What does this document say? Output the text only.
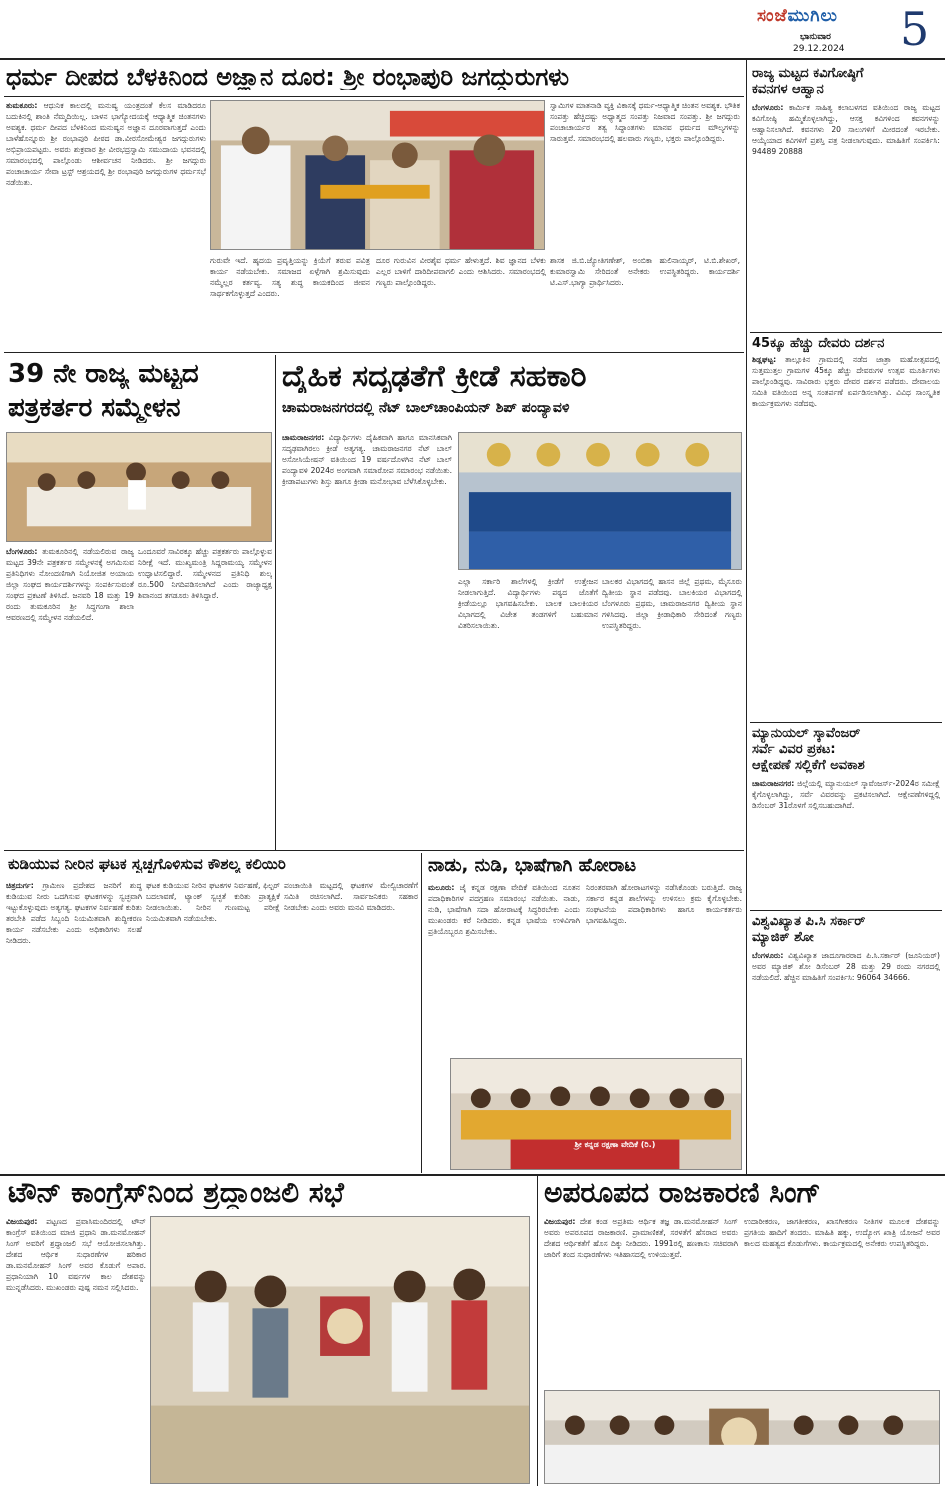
ಸಂಜೆಮುಗಿಲು
ಭಾನುವಾರ
29.12.2024 5
ಧರ್ಮ ದೀಪದ ಬೆಳಕಿನಿಂದ ಅಜ್ಞಾನ ದೂರ: ಶ್ರೀ ರಂಭಾಪುರಿ ಜಗದ್ಗುರುಗಳು
ತುಮಕೂರು: ಆಧುನಿಕ ಕಾಲದಲ್ಲಿ ಮನುಷ್ಯ ಯಂತ್ರದಂತೆ ಕೆಲಸ ಮಾಡಿದರೂ ಬದುಕಿನಲ್ಲಿ ಶಾಂತಿ ನೆಮ್ಮದಿಯಿಲ್ಲ. ಬಾಳನ ಭಾಗ್ಯೋದಯಕ್ಕೆ ಆಧ್ಯಾತ್ಮಿಕ ಚಿಂತನಗಳು ಅವಶ್ಯಕ. ಧರ್ಮ ದೀಪದ ಬೆಳಕಿನಿಂದ ಮನುಷ್ಯನ ಅಜ್ಞಾನ ದೂರವಾಗುತ್ತದೆ ಎಂದು ಬಾಳೆಹೊನ್ನೂರು ಶ್ರೀ ರಂಭಾಪುರಿ ಪೀಠದ ಡಾ.ವೀರಸೋಮೇಶ್ವರ ಜಗದ್ಗುರುಗಳು ಅಭಿಪ್ರಾಯಪಟ್ಟರು. ಅವರು ಶುಕ್ರವಾರ ಶ್ರೀ ವೀರಭದ್ರಸ್ವಾಮಿ ಸಮುದಾಯ ಭವನದಲ್ಲಿ ಸಮಾರಂಭದಲ್ಲಿ ಪಾಲ್ಗೊಂಡು ಆಶೀರ್ವಚನ ನೀಡಿದರು. ಶ್ರೀ ಜಗದ್ಗುರು ಪಂಚಾಚಾರ್ಯ ಸೇವಾ ಟ್ರಸ್ಟ್ ಆಶ್ರಯದಲ್ಲಿ ಶ್ರೀ ರಂಭಾಪುರಿ ಜಗದ್ಗುರುಗಳ ಧರ್ಮಸಭೆ ನಡೆಯಿತು.
ಗುರುವೇ ಇದೆ. ಹೃದಯ ಪ್ರವೃತ್ತಿಯನ್ನು ಕ್ರಿಯೆಗೆ ತರುವ ಪವಿತ್ರ ಕಾರ್ಯ ನಡೆಯಬೇಕು. ಸಮಾಜದ ಏಳ್ಗೆಗಾಗಿ ಶ್ರಮಿಸುವುದು ನಮ್ಮೆಲ್ಲರ ಕರ್ತವ್ಯ. ಸತ್ಯ ಶುದ್ಧ ಕಾಯಕದಿಂದ ಜೀವನ ಸಾರ್ಥಕಗೊಳ್ಳುತ್ತದೆ ಎಂದರು.
ದೂರ ಗುರುವಿನ ವೀರಶೈವ ಧರ್ಮ ಹೇಳುತ್ತದೆ. ಶಿವ ಜ್ಞಾನದ ಬೆಳಕು ಎಲ್ಲರ ಬಾಳಿಗೆ ದಾರಿದೀಪವಾಗಲಿ ಎಂದು ಆಶಿಸಿದರು. ಸಮಾರಂಭದಲ್ಲಿ ಗಣ್ಯರು ಪಾಲ್ಗೊಂಡಿದ್ದರು.
ಸ್ವಾಮಿಗಳ ಮಾತನಾಡಿ ವ್ಯಕ್ತಿ ವಿಕಾಸಕ್ಕೆ ಧರ್ಮ-ಆಧ್ಯಾತ್ಮಿಕ ಚಿಂತನ ಅವಶ್ಯಕ. ಭೌತಿಕ ಸಂಪತ್ತು ಹೆಚ್ಚಿದಷ್ಟು ಅಧ್ಯಾತ್ಮದ ಸಂಪತ್ತು ನಿಜವಾದ ಸಂಪತ್ತು. ಶ್ರೀ ಜಗದ್ಗುರು ಪಂಚಾಚಾರ್ಯರ ತತ್ವ ಸಿದ್ಧಾಂತಗಳು ಮಾನವ ಧರ್ಮದ ಮೌಲ್ಯಗಳನ್ನು ಸಾರುತ್ತವೆ. ಸಮಾರಂಭದಲ್ಲಿ ಹಲವಾರು ಗಣ್ಯರು, ಭಕ್ತರು ಪಾಲ್ಗೊಂಡಿದ್ದರು.
ಶಾಸಕ ಜಿ.ಬಿ.ಜ್ಯೋತಿಗಣೇಶ್, ಅಂಬಿಕಾ ಹುಲಿನಾಯ್ಕರ್, ಟಿ.ಬಿ.ಶೇಖರ್, ಕುಮಾರಸ್ವಾಮಿ ಸೇರಿದಂತೆ ಅನೇಕರು ಉಪಸ್ಥಿತರಿದ್ದರು. ಕಾರ್ಯದರ್ಶಿ ಟಿ.ಎಸ್.ಭಾಗ್ಯಾ ಪ್ರಾರ್ಥಿಸಿದರು.
39 ನೇ ರಾಜ್ಯ ಮಟ್ಟದ
ಪತ್ರಕರ್ತರ ಸಮ್ಮೇಳನ
ಬೆಂಗಳೂರು: ತುಮಕೂರಿನಲ್ಲಿ ನಡೆಯಲಿರುವ ರಾಜ್ಯ ಮಟ್ಟದ 39ನೇ ಪತ್ರಕರ್ತರ ಸಮ್ಮೇಳನಕ್ಕೆ ಅಗಮಿಸುವ ಪ್ರತಿನಿಧಿಗಳು ನೋಂದಣಿಗಾಗಿ ನಿಯೋಜಿತ ಅಯಾಯ ಜಿಲ್ಲಾ ಸಂಘದ ಕಾರ್ಯದರ್ಶಿಗಳನ್ನು ಸಂಪರ್ಕಿಸುವಂತೆ ಸಂಘದ ಪ್ರಕಟಣೆ ತಿಳಿಸಿದೆ. ಜನವರಿ 18 ಮತ್ತು 19 ರಂದು ತುಮಕೂರಿನ ಶ್ರೀ ಸಿದ್ಧಗಂಗಾ ಶಾಲಾ ಆವರಣದಲ್ಲಿ ಸಮ್ಮೇಳನ ನಡೆಯಲಿದೆ.
ಒಂದೂವರೆ ಸಾವಿರಕ್ಕೂ ಹೆಚ್ಚು ಪತ್ರಕರ್ತರು ಪಾಲ್ಗೊಳ್ಳುವ ನಿರೀಕ್ಷೆ ಇದೆ. ಮುಖ್ಯಮಂತ್ರಿ ಸಿದ್ದರಾಮಯ್ಯ ಸಮ್ಮೇಳನ ಉದ್ಘಾಟಿಸಲಿದ್ದಾರೆ. ಸಮ್ಮೇಳನದ ಪ್ರತಿನಿಧಿ ಶುಲ್ಕ ರೂ.500 ನಿಗದಿಪಡಿಸಲಾಗಿದೆ ಎಂದು ರಾಜ್ಯಾಧ್ಯಕ್ಷ ಶಿವಾನಂದ ತಗಡೂರು ತಿಳಿಸಿದ್ದಾರೆ.
ದೈಹಿಕ ಸದೃಢತೆಗೆ ಕ್ರೀಡೆ ಸಹಕಾರಿ
ಚಾಮರಾಜನಗರದಲ್ಲಿ ನೆಟ್ ಬಾಲ್‌ಚಾಂಪಿಯನ್ ಶಿಪ್ ಪಂದ್ಯಾವಳಿ
ಚಾಮರಾಜನಗರ: ವಿದ್ಯಾರ್ಥಿಗಳು ದೈಹಿಕವಾಗಿ ಹಾಗೂ ಮಾನಸಿಕವಾಗಿ ಸದೃಢವಾಗಿರಲು ಕ್ರೀಡೆ ಅತ್ಯಗತ್ಯ. ಚಾಮರಾಜನಗರ ನೆಟ್ ಬಾಲ್ ಅಸೋಸಿಯೇಷನ್ ವತಿಯಿಂದ 19 ವರ್ಷದೊಳಗಿನ ನೆಟ್ ಬಾಲ್ ಪಂದ್ಯಾವಳಿ 2024ರ ಅಂಗವಾಗಿ ಸಮಾರೋಪ ಸಮಾರಂಭ ನಡೆಯಿತು. ಕ್ರೀಡಾಪಟುಗಳು ಶಿಸ್ತು ಹಾಗೂ ಕ್ರೀಡಾ ಮನೋಭಾವ ಬೆಳೆಸಿಕೊಳ್ಳಬೇಕು.
ಎಲ್ಲಾ ಸರ್ಕಾರಿ ಶಾಲೆಗಳಲ್ಲಿ ಕ್ರೀಡೆಗೆ ಉತ್ತೇಜನ ನೀಡಲಾಗುತ್ತಿದೆ. ವಿದ್ಯಾರ್ಥಿಗಳು ಪಠ್ಯದ ಜೊತೆಗೆ ಕ್ರೀಡೆಯಲ್ಲೂ ಭಾಗವಹಿಸಬೇಕು. ಬಾಲಕ ಬಾಲಕಿಯರ ವಿಭಾಗದಲ್ಲಿ ವಿಜೇತ ತಂಡಗಳಿಗೆ ಬಹುಮಾನ ವಿತರಿಸಲಾಯಿತು.
ಬಾಲಕರ ವಿಭಾಗದಲ್ಲಿ ಹಾಸನ ಜಿಲ್ಲೆ ಪ್ರಥಮ, ಮೈಸೂರು ದ್ವಿತೀಯ ಸ್ಥಾನ ಪಡೆದವು. ಬಾಲಕಿಯರ ವಿಭಾಗದಲ್ಲಿ ಬೆಂಗಳೂರು ಪ್ರಥಮ, ಚಾಮರಾಜನಗರ ದ್ವಿತೀಯ ಸ್ಥಾನ ಗಳಿಸಿದವು. ಜಿಲ್ಲಾ ಕ್ರೀಡಾಧಿಕಾರಿ ಸೇರಿದಂತೆ ಗಣ್ಯರು ಉಪಸ್ಥಿತರಿದ್ದರು.
ಕುಡಿಯುವ ನೀರಿನ ಘಟಕ ಸ್ವಚ್ಛಗೊಳಿಸುವ ಕೌಶಲ್ಯ ಕಲಿಯಿರಿ
ಚಿತ್ರದುರ್ಗ: ಗ್ರಾಮೀಣ ಪ್ರದೇಶದ ಜನರಿಗೆ ಶುದ್ಧ ಕುಡಿಯುವ ನೀರು ಒದಗಿಸುವ ಘಟಕಗಳನ್ನು ಸ್ವಚ್ಛವಾಗಿ ಇಟ್ಟುಕೊಳ್ಳುವುದು ಅತ್ಯಗತ್ಯ. ಘಟಕಗಳ ನಿರ್ವಹಣೆ ಕುರಿತು ತರಬೇತಿ ಪಡೆದ ಸಿಬ್ಬಂದಿ ನಿಯಮಿತವಾಗಿ ಶುದ್ಧೀಕರಣ ಕಾರ್ಯ ನಡೆಸಬೇಕು ಎಂದು ಅಧಿಕಾರಿಗಳು ಸಲಹೆ ನೀಡಿದರು.
ಘಟಕ ಕುಡಿಯುವ ನೀರಿನ ಘಟಕಗಳ ನಿರ್ವಹಣೆ, ಫಿಲ್ಟರ್ ಬದಲಾವಣೆ, ಟ್ಯಾಂಕ್ ಸ್ವಚ್ಛತೆ ಕುರಿತು ಪ್ರಾತ್ಯಕ್ಷಿಕೆ ನೀಡಲಾಯಿತು. ನೀರಿನ ಗುಣಮಟ್ಟ ಪರೀಕ್ಷೆ ನಿಯಮಿತವಾಗಿ ನಡೆಯಬೇಕು.
ಪಂಚಾಯಿತಿ ಮಟ್ಟದಲ್ಲಿ ಘಟಕಗಳ ಮೇಲ್ವಿಚಾರಣೆಗೆ ಸಮಿತಿ ರಚಿಸಲಾಗಿದೆ. ಸಾರ್ವಜನಿಕರು ಸಹಕಾರ ನೀಡಬೇಕು ಎಂದು ಅವರು ಮನವಿ ಮಾಡಿದರು.
ನಾಡು, ನುಡಿ, ಭಾಷೆಗಾಗಿ ಹೋರಾಟ
ಮಲೂರು: ಜೈ ಕನ್ನಡ ರಕ್ಷಣಾ ವೇದಿಕೆ ವತಿಯಿಂದ ನೂತನ ಪದಾಧಿಕಾರಿಗಳ ಪದಗ್ರಹಣ ಸಮಾರಂಭ ನಡೆಯಿತು. ನಾಡು, ನುಡಿ, ಭಾಷೆಗಾಗಿ ಸದಾ ಹೋರಾಟಕ್ಕೆ ಸಿದ್ಧರಿರಬೇಕು ಎಂದು ಮುಖಂಡರು ಕರೆ ನೀಡಿದರು. ಕನ್ನಡ ಭಾಷೆಯ ಉಳಿವಿಗಾಗಿ ಪ್ರತಿಯೊಬ್ಬರೂ ಶ್ರಮಿಸಬೇಕು.
ನಿರಂತರವಾಗಿ ಹೋರಾಟಗಳನ್ನು ನಡೆಸಿಕೊಂಡು ಬರುತ್ತಿದೆ. ರಾಜ್ಯ ಸರ್ಕಾರ ಕನ್ನಡ ಶಾಲೆಗಳನ್ನು ಉಳಿಸಲು ಕ್ರಮ ಕೈಗೊಳ್ಳಬೇಕು. ಸಂಘಟನೆಯ ಪದಾಧಿಕಾರಿಗಳು ಹಾಗೂ ಕಾರ್ಯಕರ್ತರು ಭಾಗವಹಿಸಿದ್ದರು.
ಶ್ರೀ ಕನ್ನಡ ರಕ್ಷಣಾ ವೇದಿಕೆ (ರಿ.)
ಟೌನ್ ಕಾಂಗ್ರೆಸ್‌ನಿಂದ ಶ್ರದ್ಧಾಂಜಲಿ ಸಭೆ
ವಿಜಯಪುರ: ಪಟ್ಟಣದ ಪ್ರವಾಸಿಮಂದಿರದಲ್ಲಿ ಟೌನ್ ಕಾಂಗ್ರೆಸ್ ವತಿಯಿಂದ ಮಾಜಿ ಪ್ರಧಾನಿ ಡಾ.ಮನಮೋಹನ್ ಸಿಂಗ್ ಅವರಿಗೆ ಶ್ರದ್ಧಾಂಜಲಿ ಸಭೆ ಆಯೋಜಿಸಲಾಗಿತ್ತು. ದೇಶದ ಆರ್ಥಿಕ ಸುಧಾರಣೆಗಳ ಹರಿಕಾರ ಡಾ.ಮನಮೋಹನ್ ಸಿಂಗ್ ಅವರ ಕೊಡುಗೆ ಅಪಾರ. ಪ್ರಧಾನಿಯಾಗಿ 10 ವರ್ಷಗಳ ಕಾಲ ದೇಶವನ್ನು ಮುನ್ನಡೆಸಿದರು. ಮುಖಂಡರು ಪುಷ್ಪ ನಮನ ಸಲ್ಲಿಸಿದರು.
ಅಪರೂಪದ ರಾಜಕಾರಣಿ ಸಿಂಗ್
ವಿಜಯಪುರ: ದೇಶ ಕಂಡ ಅಪ್ರತಿಮ ಆರ್ಥಿಕ ತಜ್ಞ ಡಾ.ಮನಮೋಹನ್ ಸಿಂಗ್ ಅವರು ಅಪರೂಪದ ರಾಜಕಾರಣಿ. ಪ್ರಾಮಾಣಿಕತೆ, ಸರಳತೆಗೆ ಹೆಸರಾದ ಅವರು ದೇಶದ ಆರ್ಥಿಕತೆಗೆ ಹೊಸ ದಿಕ್ಕು ನೀಡಿದರು. 1991ರಲ್ಲಿ ಹಣಕಾಸು ಸಚಿವರಾಗಿ ಜಾರಿಗೆ ತಂದ ಸುಧಾರಣೆಗಳು ಇತಿಹಾಸದಲ್ಲಿ ಉಳಿಯುತ್ತವೆ.
ಉದಾರೀಕರಣ, ಜಾಗತೀಕರಣ, ಖಾಸಗೀಕರಣ ನೀತಿಗಳ ಮೂಲಕ ದೇಶವನ್ನು ಪ್ರಗತಿಯ ಹಾದಿಗೆ ತಂದರು. ಮಾಹಿತಿ ಹಕ್ಕು, ಉದ್ಯೋಗ ಖಾತ್ರಿ ಯೋಜನೆ ಅವರ ಕಾಲದ ಮಹತ್ವದ ಕೊಡುಗೆಗಳು. ಕಾರ್ಯಕ್ರಮದಲ್ಲಿ ಅನೇಕರು ಉಪಸ್ಥಿತರಿದ್ದರು.
ರಾಜ್ಯ ಮಟ್ಟದ ಕವಿಗೋಷ್ಠಿಗೆ
ಕವನಗಳ ಆಹ್ವಾನ
ಬೆಂಗಳೂರು: ಕಾರ್ಮಿಕ ಸಾಹಿತ್ಯ ಕಲಾಬಳಗದ ವತಿಯಿಂದ ರಾಜ್ಯ ಮಟ್ಟದ ಕವಿಗೋಷ್ಠಿ ಹಮ್ಮಿಕೊಳ್ಳಲಾಗಿದ್ದು, ಆಸಕ್ತ ಕವಿಗಳಿಂದ ಕವನಗಳನ್ನು ಆಹ್ವಾನಿಸಲಾಗಿದೆ. ಕವನಗಳು 20 ಸಾಲುಗಳಿಗೆ ಮೀರದಂತೆ ಇರಬೇಕು. ಆಯ್ಕೆಯಾದ ಕವಿಗಳಿಗೆ ಪ್ರಶಸ್ತಿ ಪತ್ರ ನೀಡಲಾಗುವುದು. ಮಾಹಿತಿಗೆ ಸಂಪರ್ಕಿಸಿ: 94489 20888
45ಕ್ಕೂ ಹೆಚ್ಚು ದೇವರು ದರ್ಶನ
ಶಿಡ್ಲಘಟ್ಟ: ತಾಲ್ಲೂಕಿನ ಗ್ರಾಮದಲ್ಲಿ ನಡೆದ ಜಾತ್ರಾ ಮಹೋತ್ಸವದಲ್ಲಿ ಸುತ್ತಮುತ್ತಲ ಗ್ರಾಮಗಳ 45ಕ್ಕೂ ಹೆಚ್ಚು ದೇವರುಗಳ ಉತ್ಸವ ಮೂರ್ತಿಗಳು ಪಾಲ್ಗೊಂಡಿದ್ದವು. ಸಾವಿರಾರು ಭಕ್ತರು ದೇವರ ದರ್ಶನ ಪಡೆದರು. ದೇವಾಲಯ ಸಮಿತಿ ವತಿಯಿಂದ ಅನ್ನ ಸಂತರ್ಪಣೆ ಏರ್ಪಡಿಸಲಾಗಿತ್ತು. ವಿವಿಧ ಸಾಂಸ್ಕೃತಿಕ ಕಾರ್ಯಕ್ರಮಗಳು ನಡೆದವು.
ಮ್ಯಾನುಯಲ್ ಸ್ಕಾವೆಂಜರ್
ಸರ್ವೆ ವಿವರ ಪ್ರಕಟ:
ಆಕ್ಷೇಪಣೆ ಸಲ್ಲಿಕೆಗೆ ಅವಕಾಶ
ಚಾಮರಾಜನಗರ: ಜಿಲ್ಲೆಯಲ್ಲಿ ಮ್ಯಾನುಯಲ್ ಸ್ಕಾವೆಂಜರ್ಸ್-2024ರ ಸಮೀಕ್ಷೆ ಕೈಗೊಳ್ಳಲಾಗಿದ್ದು, ಸರ್ವೆ ವಿವರವನ್ನು ಪ್ರಕಟಿಸಲಾಗಿದೆ. ಆಕ್ಷೇಪಣೆಗಳಿದ್ದಲ್ಲಿ ಡಿಸೆಂಬರ್ 31ರೊಳಗೆ ಸಲ್ಲಿಸಬಹುದಾಗಿದೆ.
ವಿಶ್ವವಿಖ್ಯಾತ ಪಿ.ಸಿ ಸರ್ಕಾರ್
ಮ್ಯಾಜಿಕ್ ಶೋ
ಬೆಂಗಳೂರು: ವಿಶ್ವವಿಖ್ಯಾತ ಜಾದೂಗಾರರಾದ ಪಿ.ಸಿ.ಸರ್ಕಾರ್ (ಜೂನಿಯರ್) ಅವರ ಮ್ಯಾಜಿಕ್ ಶೋ ಡಿಸೆಂಬರ್ 28 ಮತ್ತು 29 ರಂದು ನಗರದಲ್ಲಿ ನಡೆಯಲಿದೆ. ಹೆಚ್ಚಿನ ಮಾಹಿತಿಗೆ ಸಂಪರ್ಕಿಸಿ: 96064 34666.
